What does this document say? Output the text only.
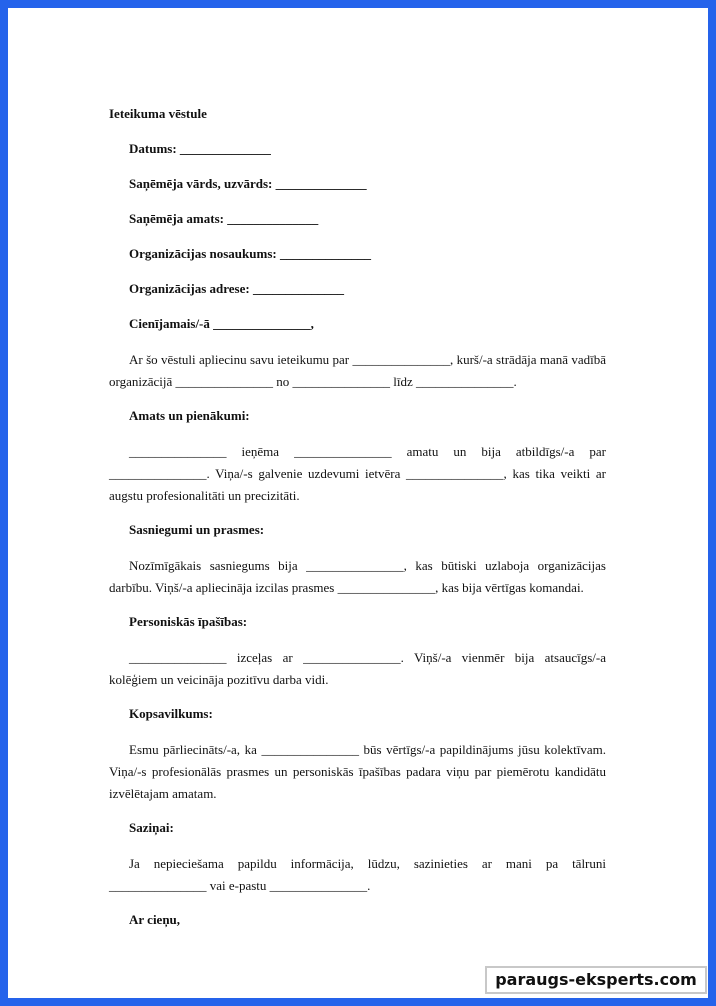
Ieteikuma vēstule
Datums: ______________
Saņēmēja vārds, uzvārds: ______________
Saņēmēja amats: ______________
Organizācijas nosaukums: ______________
Organizācijas adrese: ______________
Cienījamais/-ā _______________,

Ar šo vēstuli apliecinu savu ieteikumu par _______________, kurš/-a strādāja manā vadībā organizācijā _______________ no _______________ līdz _______________.

Amats un pienākumi:

_______________ ieņēma _______________ amatu un bija atbildīgs/-a par _______________. Viņa/-s galvenie uzdevumi ietvēra _______________, kas tika veikti ar augstu profesionalitāti un precizitāti.

Sasniegumi un prasmes:

Nozīmīgākais sasniegums bija _______________, kas būtiski uzlaboja organizācijas darbību. Viņš/-a apliecināja izcilas prasmes _______________, kas bija vērtīgas komandai.

Personiskās īpašības:

_______________ izceļas ar _______________. Viņš/-a vienmēr bija atsaucīgs/-a kolēģiem un veicināja pozitīvu darba vidi.

Kopsavilkums:

Esmu pārliecināts/-a, ka _______________ būs vērtīgs/-a papildinājums jūsu kolektīvam. Viņa/-s profesionālās prasmes un personiskās īpašības padara viņu par piemērotu kandidātu izvēlētajam amatam.

Saziņai:

Ja nepieciešama papildu informācija, lūdzu, sazinieties ar mani pa tālruni _______________ vai e-pastu _______________.

Ar cieņu,
paraugs-eksperts.com
